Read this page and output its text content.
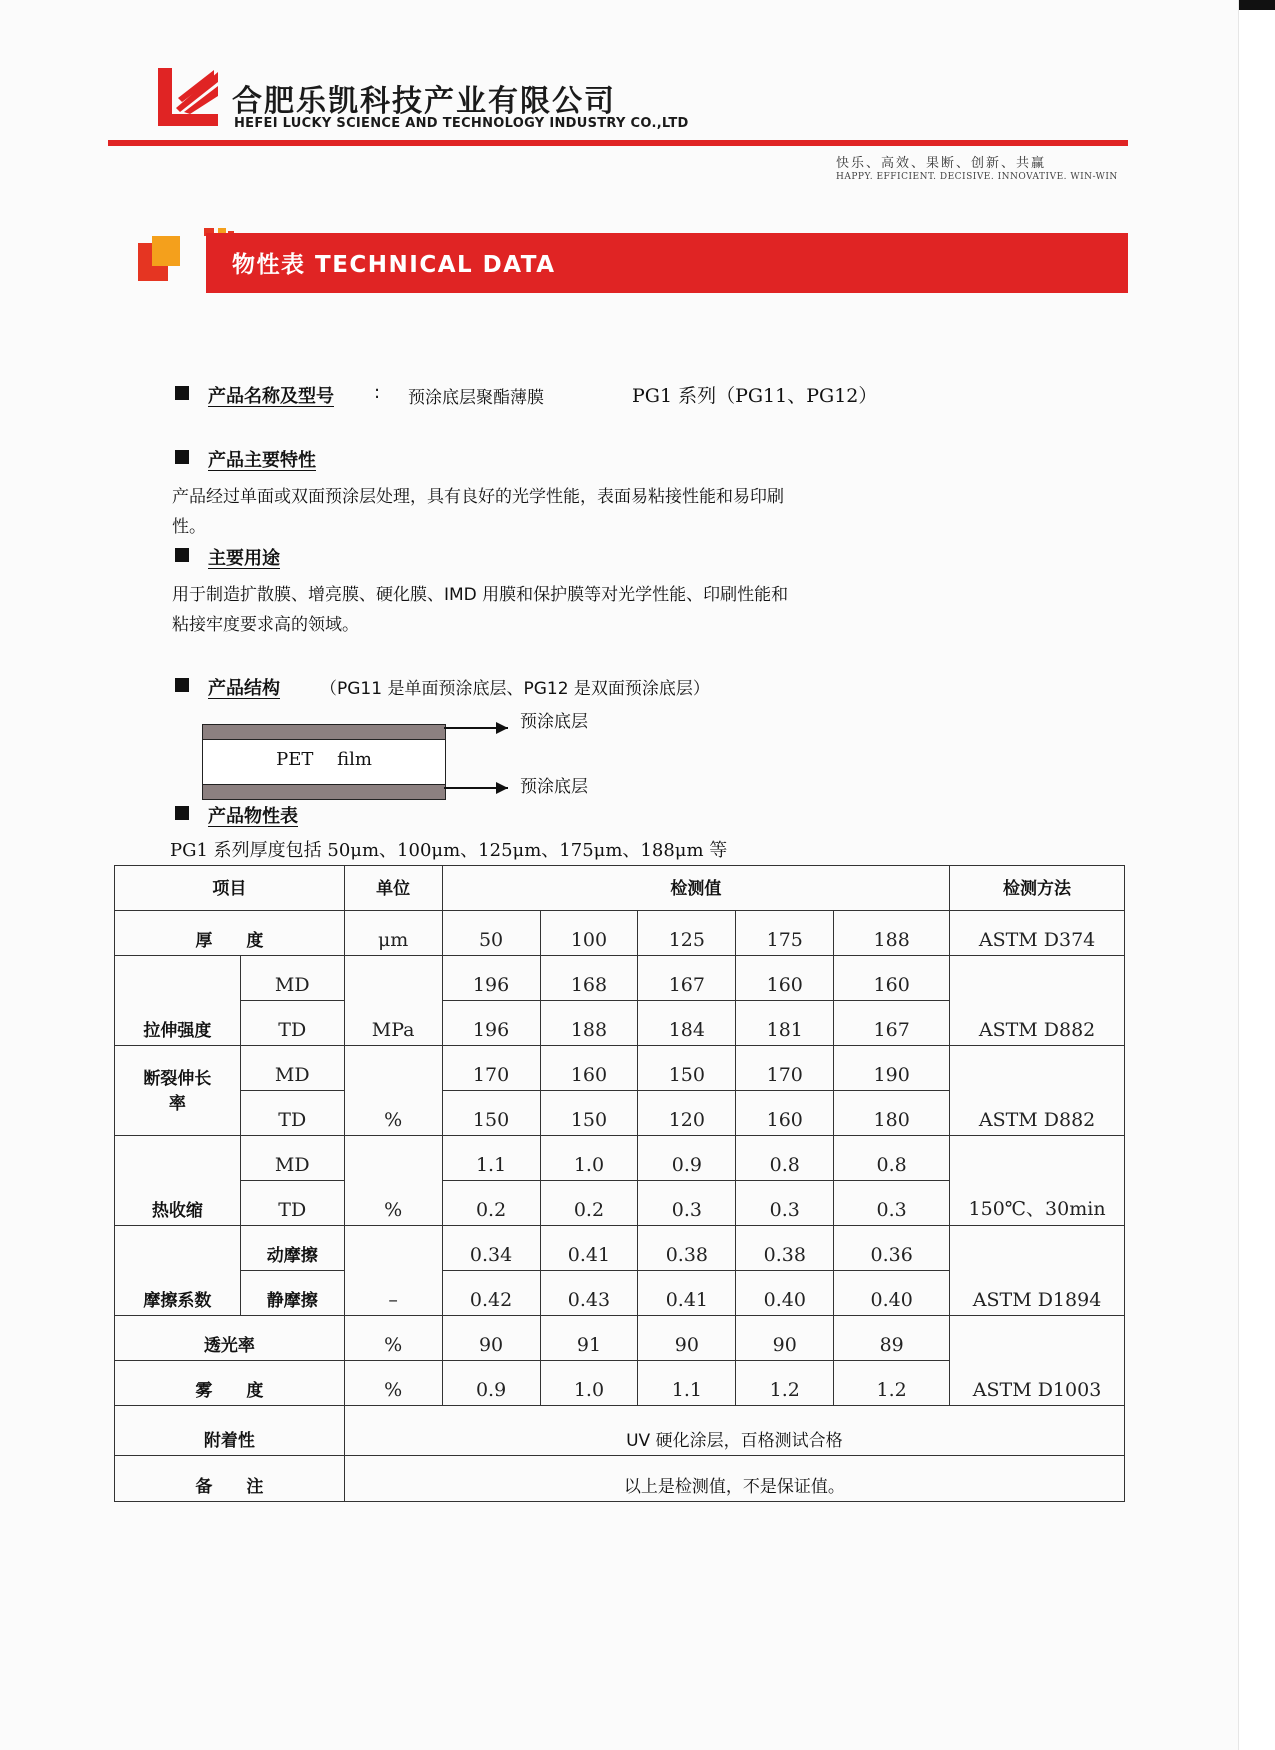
合肥乐凯科技产业有限公司
HEFEI LUCKY SCIENCE AND TECHNOLOGY INDUSTRY CO.,LTD
快乐、高效、果断、创新、共赢
HAPPY. EFFICIENT. DECISIVE. INNOVATIVE. WIN-WIN
物性表 TECHNICAL DATA
产品名称及型号 : 预涂底层聚酯薄膜	PG1 系列（PG11、PG12）
产品主要特性
产品经过单面或双面预涂层处理，具有良好的光学性能，表面易粘接性能和易印刷
性。
主要用途
用于制造扩散膜、增亮膜、硬化膜、IMD 用膜和保护膜等对光学性能、印刷性能和
粘接牢度要求高的领域。
产品结构 （PG11 是单面预涂底层、PG12 是双面预涂底层）
PET film
预涂底层
预涂底层
产品物性表
PG1 系列厚度包括 50μm、100μm、125μm、175μm、188μm 等
项目		单位	检测值					检测方法
厚　　度		μm	50	100	125	175	188	ASTM D374
拉伸强度	MD	MPa	196	168	167	160	160	ASTM D882
	TD		196	188	184	181	167	
断裂伸长
率	MD	%	170	160	150	170	190	ASTM D882
	TD		150	150	120	160	180	
热收缩	MD	%	1.1	1.0	0.9	0.8	0.8	150℃、30min
	TD		0.2	0.2	0.3	0.3	0.3	
摩擦系数	动摩擦	–	0.34	0.41	0.38	0.38	0.36	ASTM D1894
	静摩擦		0.42	0.43	0.41	0.40	0.40	
透光率		%	90	91	90	90	89	ASTM D1003
雾　　度		%	0.9	1.0	1.1	1.2	1.2	
附着性		UV 硬化涂层，百格测试合格						
备　　注		以上是检测值，不是保证值。						
